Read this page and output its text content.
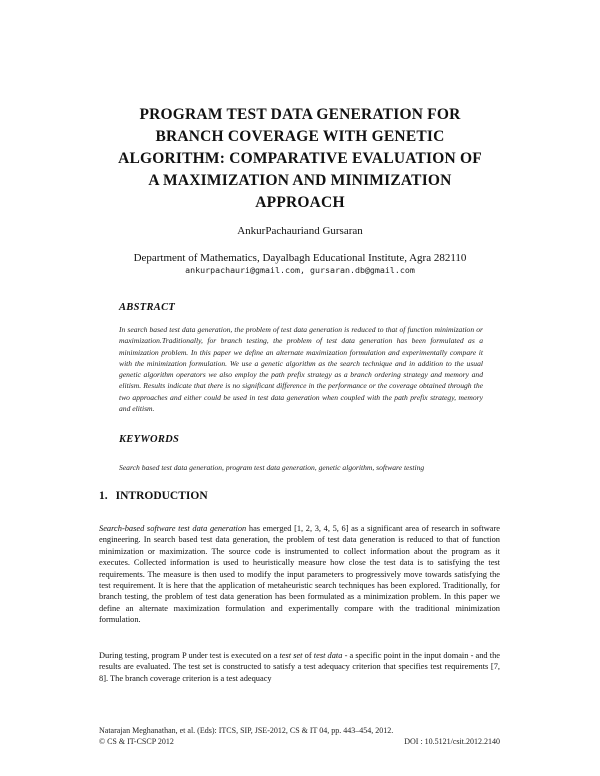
PROGRAM TEST DATA GENERATION FOR
BRANCH COVERAGE WITH GENETIC
ALGORITHM: COMPARATIVE EVALUATION OF
A MAXIMIZATION AND MINIMIZATION
APPROACH
AnkurPachauriand Gursaran
Department of Mathematics, Dayalbagh Educational Institute, Agra 282110
ankurpachauri@gmail.com, gursaran.db@gmail.com
ABSTRACT
In search based test data generation, the problem of test data generation is reduced to that of function minimization or maximization.Traditionally, for branch testing, the problem of test data generation has been formulated as a minimization problem. In this paper we define an alternate maximization formulation and experimentally compare it with the minimization formulation. We use a genetic algorithm as the search technique and in addition to the usual genetic algorithm operators we also employ the path prefix strategy as a branch ordering strategy and memory and elitism. Results indicate that there is no significant difference in the performance or the coverage obtained through the two approaches and either could be used in test data generation when coupled with the path prefix strategy, memory and elitism.
KEYWORDS
Search based test data generation, program test data generation, genetic algorithm, software testing
1. INTRODUCTION
Search-based software test data generation has emerged [1, 2, 3, 4, 5, 6] as a significant area of research in software engineering. In search based test data generation, the problem of test data generation is reduced to that of function minimization or maximization. The source code is instrumented to collect information about the program as it executes. Collected information is used to heuristically measure how close the test data is to satisfying the test requirements. The measure is then used to modify the input parameters to progressively move towards satisfying the test requirement. It is here that the application of metaheuristic search techniques has been explored. Traditionally, for branch testing, the problem of test data generation has been formulated as a minimization problem. In this paper we define an alternate maximization formulation and experimentally compare with the traditional minimization formulation.
During testing, program P under test is executed on a test set of test data - a specific point in the input domain - and the results are evaluated. The test set is constructed to satisfy a test adequacy criterion that specifies test requirements [7, 8]. The branch coverage criterion is a test adequacy
Natarajan Meghanathan, et al. (Eds): ITCS, SIP, JSE-2012, CS & IT 04, pp. 443–454, 2012.
© CS & IT-CSCP 2012	DOI : 10.5121/csit.2012.2140
